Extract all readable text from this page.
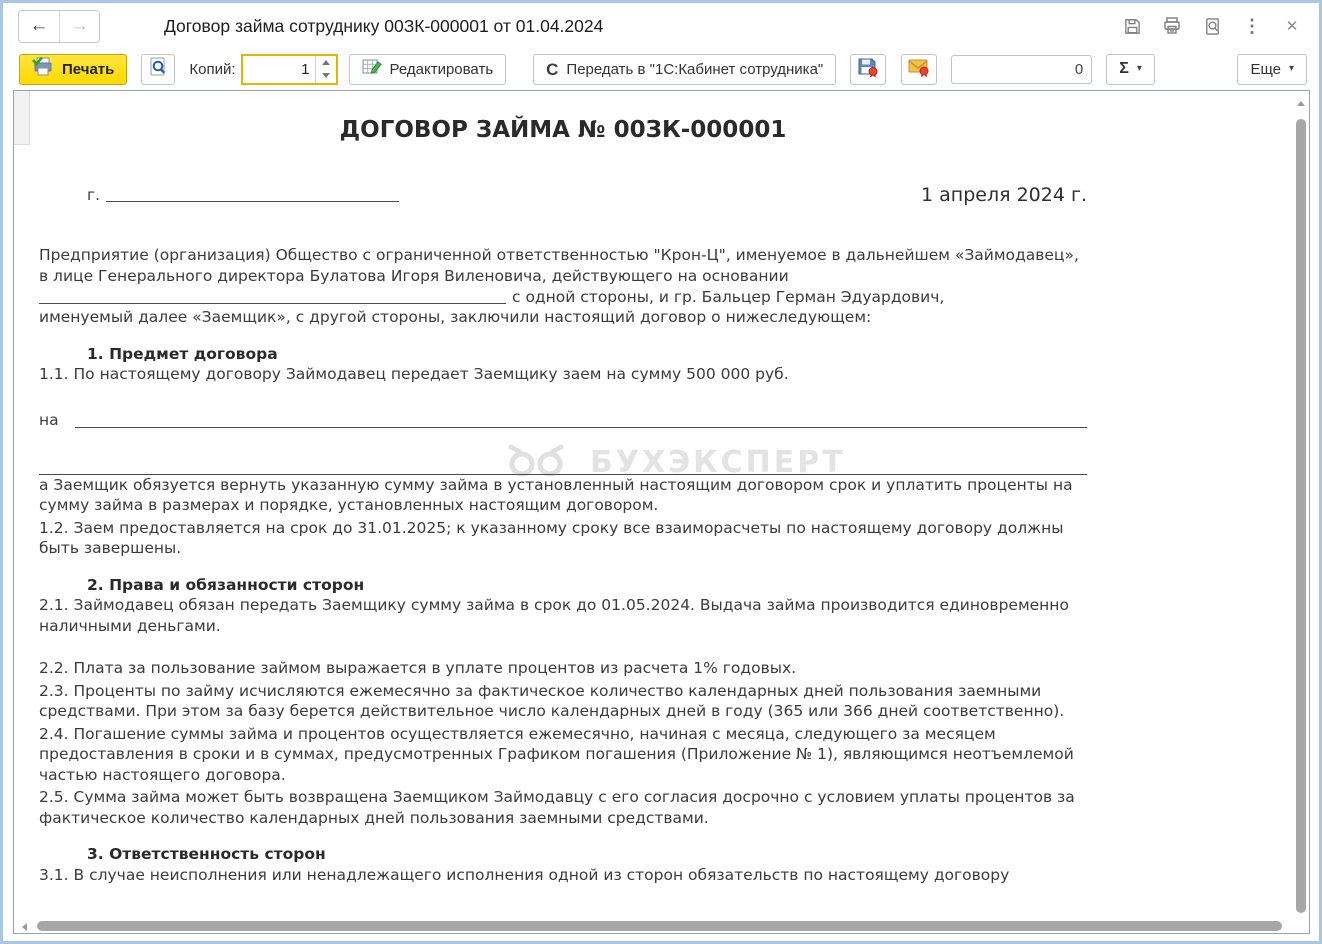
← →	Договор займа сотруднику 00ЗК-000001 от 01.04.2024	⋮	✕
Печать	Копий:
1	Редактировать	C Передать в "1С:Кабинет сотрудника"
0	Σ ▾	Еще ▾
БУХЭКСПЕРТ
ДОГОВОР ЗАЙМА № 00ЗК-000001
г.	1 апреля 2024 г.
Предприятие (организация) Общество с ограниченной ответственностью "Крон-Ц", именуемое в дальнейшем «Займодавец», в лице Генерального директора Булатова Игоря Виленовича, действующего на основании
с одной стороны, и гр. Бальцер Герман Эдуардович,
именуемый далее «Заемщик», с другой стороны, заключили настоящий договор о нижеследующем:
1. Предмет договора
1.1. По настоящему договору Займодавец передает Заемщику заем на сумму 500 000 руб.
на
а Заемщик обязуется вернуть указанную сумму займа в установленный настоящим договором срок и уплатить проценты на сумму займа в размерах и порядке, установленных настоящим договором.
1.2. Заем предоставляется на срок до 31.01.2025; к указанному сроку все взаиморасчеты по настоящему договору должны быть завершены.
2. Права и обязанности сторон
2.1. Займодавец обязан передать Заемщику сумму займа в срок до 01.05.2024. Выдача займа производится единовременно наличными деньгами.
2.2. Плата за пользование займом выражается в уплате процентов из расчета 1% годовых.
2.3. Проценты по займу исчисляются ежемесячно за фактическое количество календарных дней пользования заемными средствами. При этом за базу берется действительное число календарных дней в году (365 или 366 дней соответственно).
2.4. Погашение суммы займа и процентов осуществляется ежемесячно, начиная с месяца, следующего за месяцем предоставления в сроки и в суммах, предусмотренных Графиком погашения (Приложение № 1), являющимся неотъемлемой частью настоящего договора.
2.5. Сумма займа может быть возвращена Заемщиком Займодавцу с его согласия досрочно с условием уплаты процентов за фактическое количество календарных дней пользования заемными средствами.
3. Ответственность сторон
3.1. В случае неисполнения или ненадлежащего исполнения одной из сторон обязательств по настоящему договору
